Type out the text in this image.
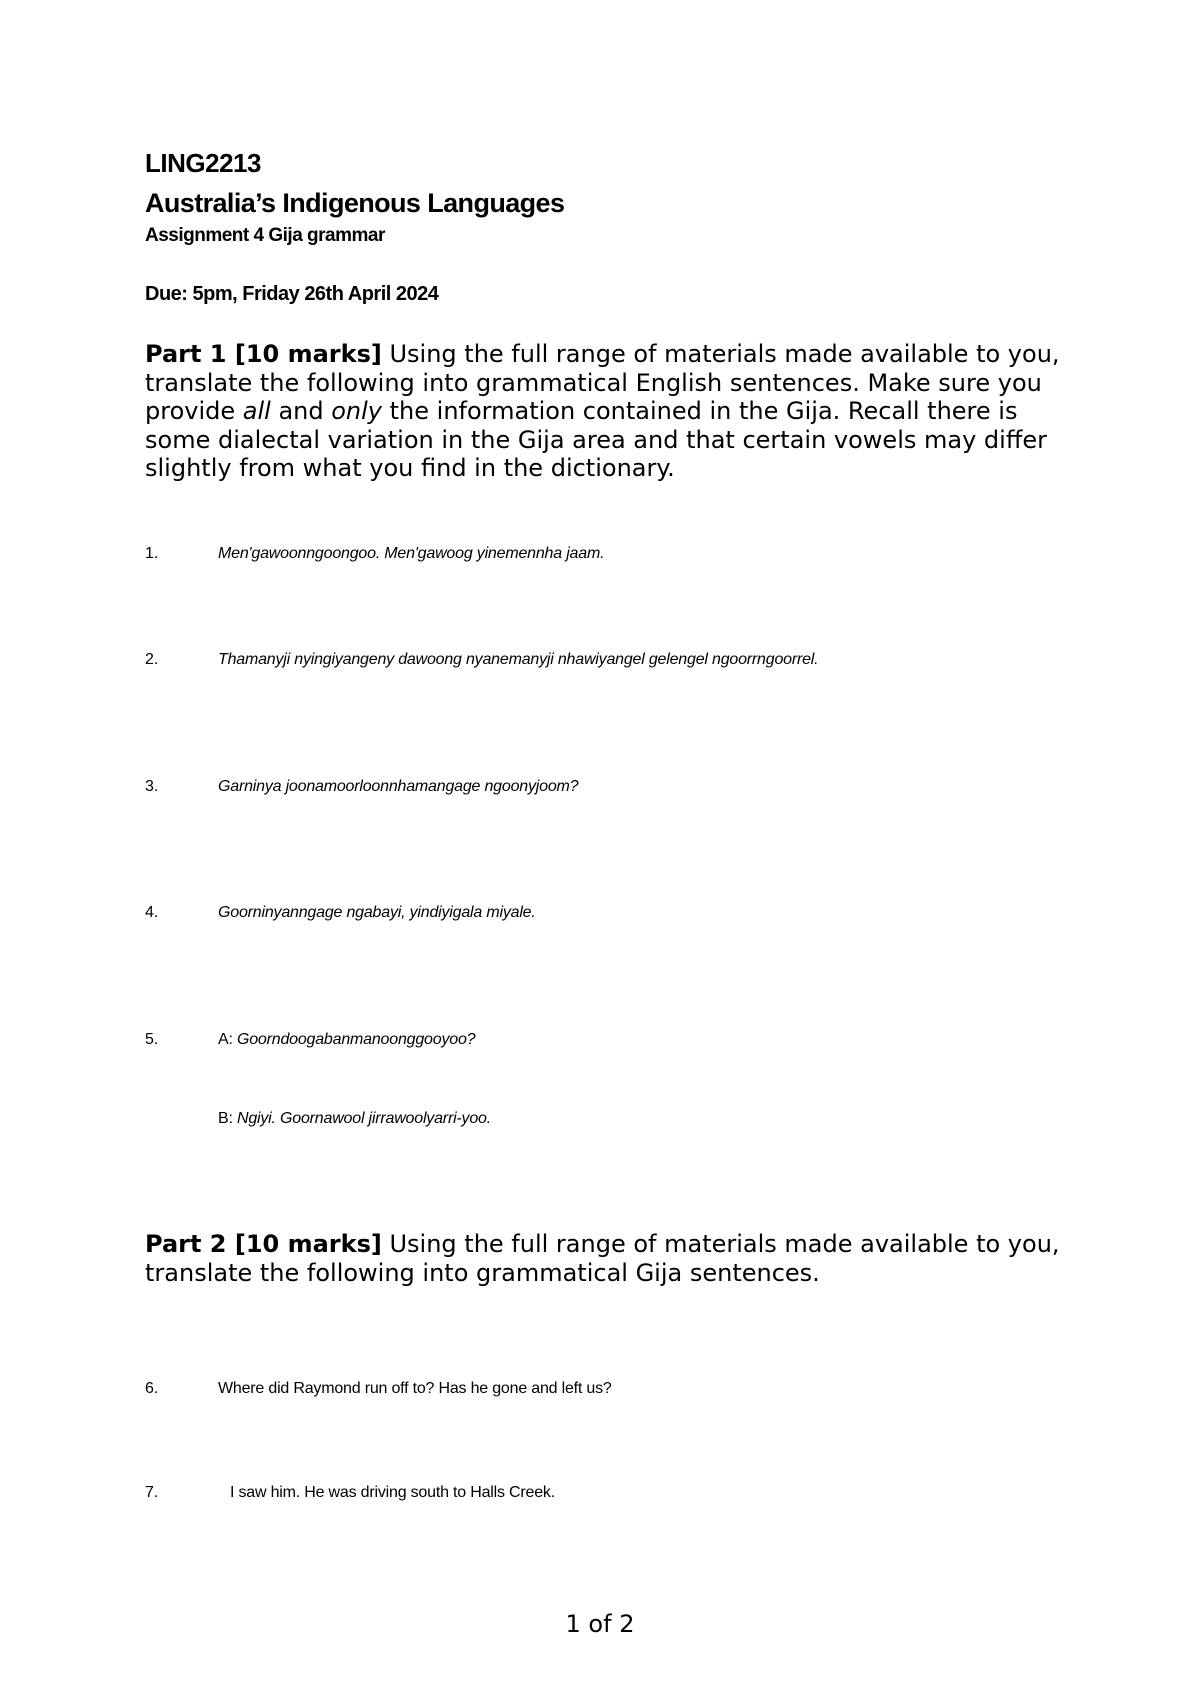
LING2213
Australia’s Indigenous Languages
Assignment 4 Gija grammar
Due: 5pm, Friday 26th April 2024
Part 1 [10 marks] Using the full range of materials made available to you, translate the following into grammatical English sentences. Make sure you provide all and only the information contained in the Gija. Recall there is some dialectal variation in the Gija area and that certain vowels may differ slightly from what you find in the dictionary.
1.	Men'gawoonngoongoo. Men'gawoog yinemennha jaam.
2.	Thamanyji nyingiyangeny dawoong nyanemanyji nhawiyangel gelengel ngoorrngoorrel.
3.	Garninya joonamoorloonnhamangage ngoonyjoom?
4.	Goorninyanngage ngabayi, yindiyigala miyale.
5.	A: Goorndoogabanmanoonggooyoo?
B: Ngiyi. Goornawool jirrawoolyarri-yoo.
Part 2 [10 marks] Using the full range of materials made available to you, translate the following into grammatical Gija sentences.
6.	Where did Raymond run off to? Has he gone and left us?
7.	I saw him. He was driving south to Halls Creek.
1 of 2
